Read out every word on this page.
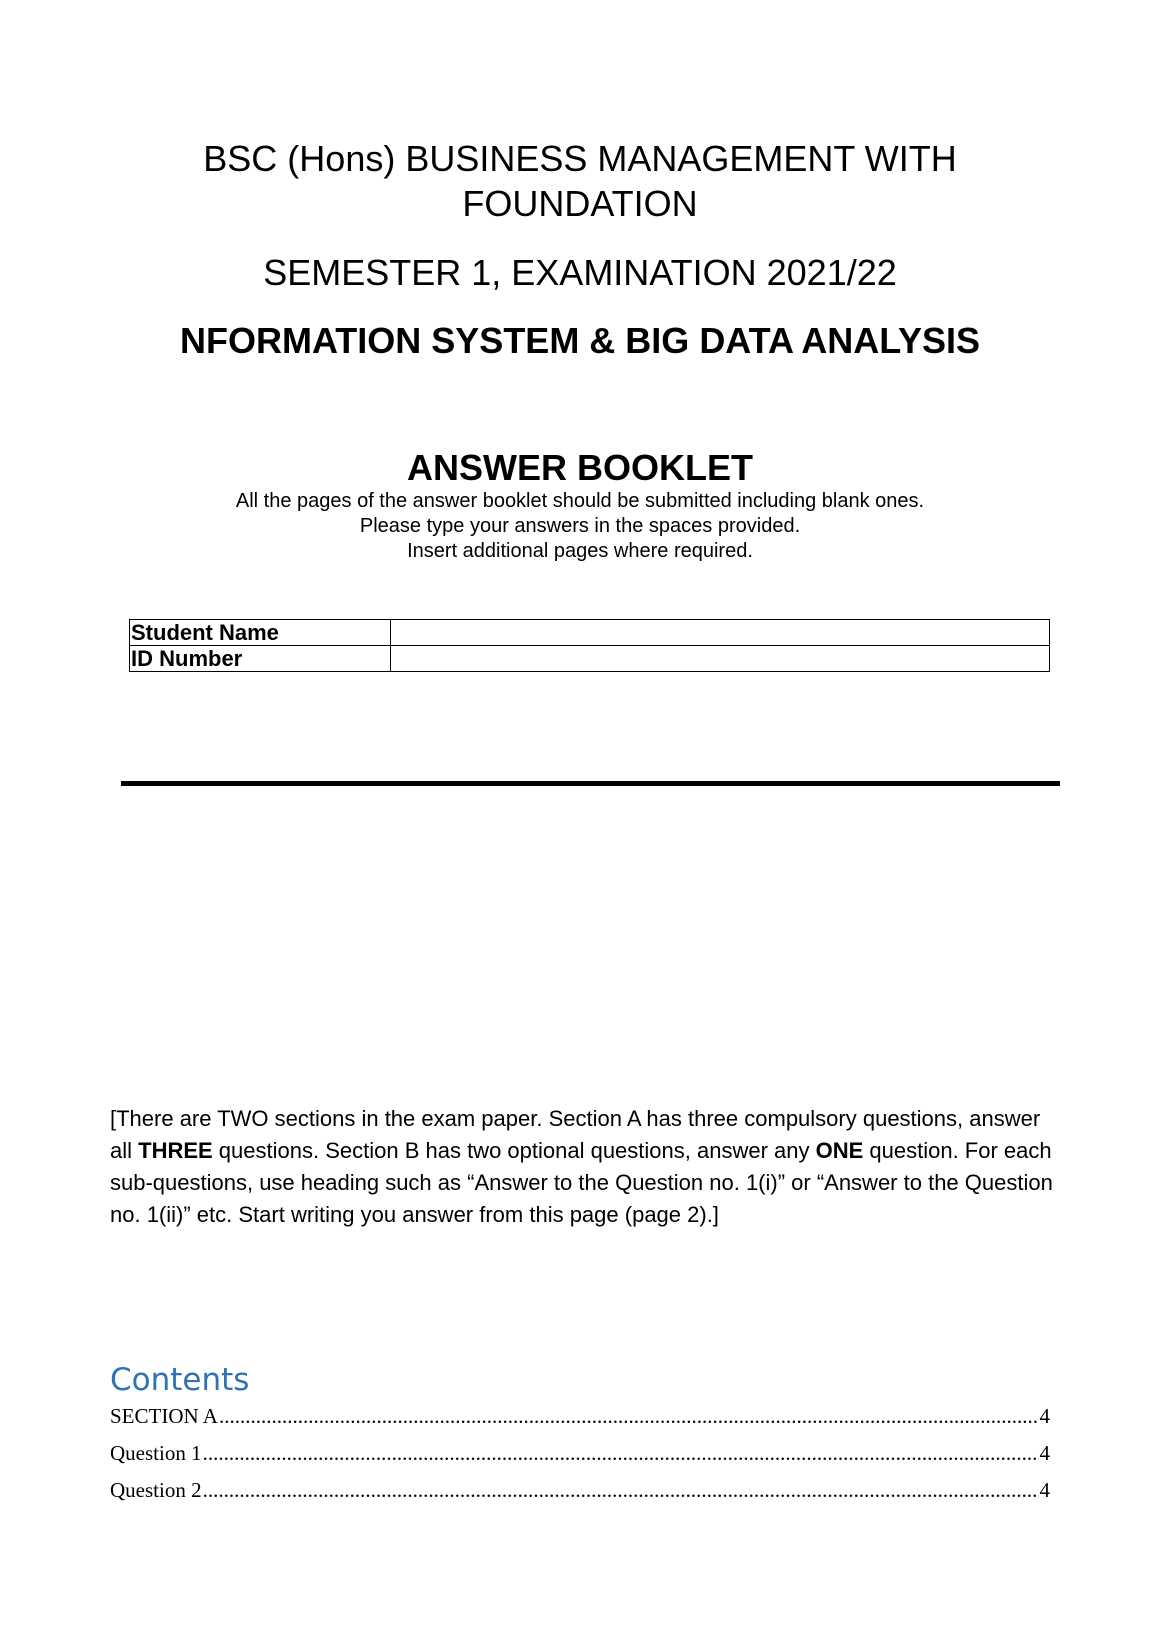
BSC (Hons) BUSINESS MANAGEMENT WITH FOUNDATION
SEMESTER 1, EXAMINATION 2021/22
NFORMATION SYSTEM & BIG DATA ANALYSIS
ANSWER BOOKLET
All the pages of the answer booklet should be submitted including blank ones.
Please type your answers in the spaces provided.
Insert additional pages where required.
Student Name	
ID Number	
[There are TWO sections in the exam paper. Section A has three compulsory questions, answer all THREE questions. Section B has two optional questions, answer any ONE question. For each sub-questions, use heading such as “Answer to the Question no. 1(i)” or “Answer to the Question no. 1(ii)” etc. Start writing you answer from this page (page 2).]
Contents
SECTION A .....	4
Question 1 .....	4
Question 2 .....	4
